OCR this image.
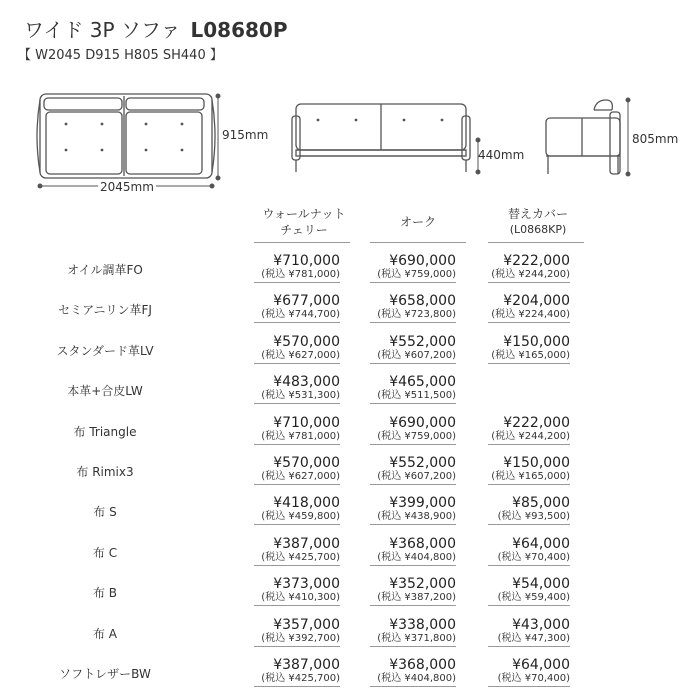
ワイド 3P ソファ L08680P
【 W2045 D915 H805 SH440 】
915mm
2045mm
440mm
805mm
ウォールナット
チェリー
オーク
替えカバー
(L0868KP)
オイル調革FO
¥710,000
(税込 ¥781,000)
¥690,000
(税込 ¥759,000)
¥222,000
(税込 ¥244,200)
セミアニリン革FJ
¥677,000
(税込 ¥744,700)
¥658,000
(税込 ¥723,800)
¥204,000
(税込 ¥224,400)
スタンダード革LV
¥570,000
(税込 ¥627,000)
¥552,000
(税込 ¥607,200)
¥150,000
(税込 ¥165,000)
本革+合皮LW
¥483,000
(税込 ¥531,300)
¥465,000
(税込 ¥511,500)
布 Triangle
¥710,000
(税込 ¥781,000)
¥690,000
(税込 ¥759,000)
¥222,000
(税込 ¥244,200)
布 Rimix3
¥570,000
(税込 ¥627,000)
¥552,000
(税込 ¥607,200)
¥150,000
(税込 ¥165,000)
布 S
¥418,000
(税込 ¥459,800)
¥399,000
(税込 ¥438,900)
¥85,000
(税込 ¥93,500)
布 C
¥387,000
(税込 ¥425,700)
¥368,000
(税込 ¥404,800)
¥64,000
(税込 ¥70,400)
布 B
¥373,000
(税込 ¥410,300)
¥352,000
(税込 ¥387,200)
¥54,000
(税込 ¥59,400)
布 A
¥357,000
(税込 ¥392,700)
¥338,000
(税込 ¥371,800)
¥43,000
(税込 ¥47,300)
ソフトレザーBW
¥387,000
(税込 ¥425,700)
¥368,000
(税込 ¥404,800)
¥64,000
(税込 ¥70,400)
